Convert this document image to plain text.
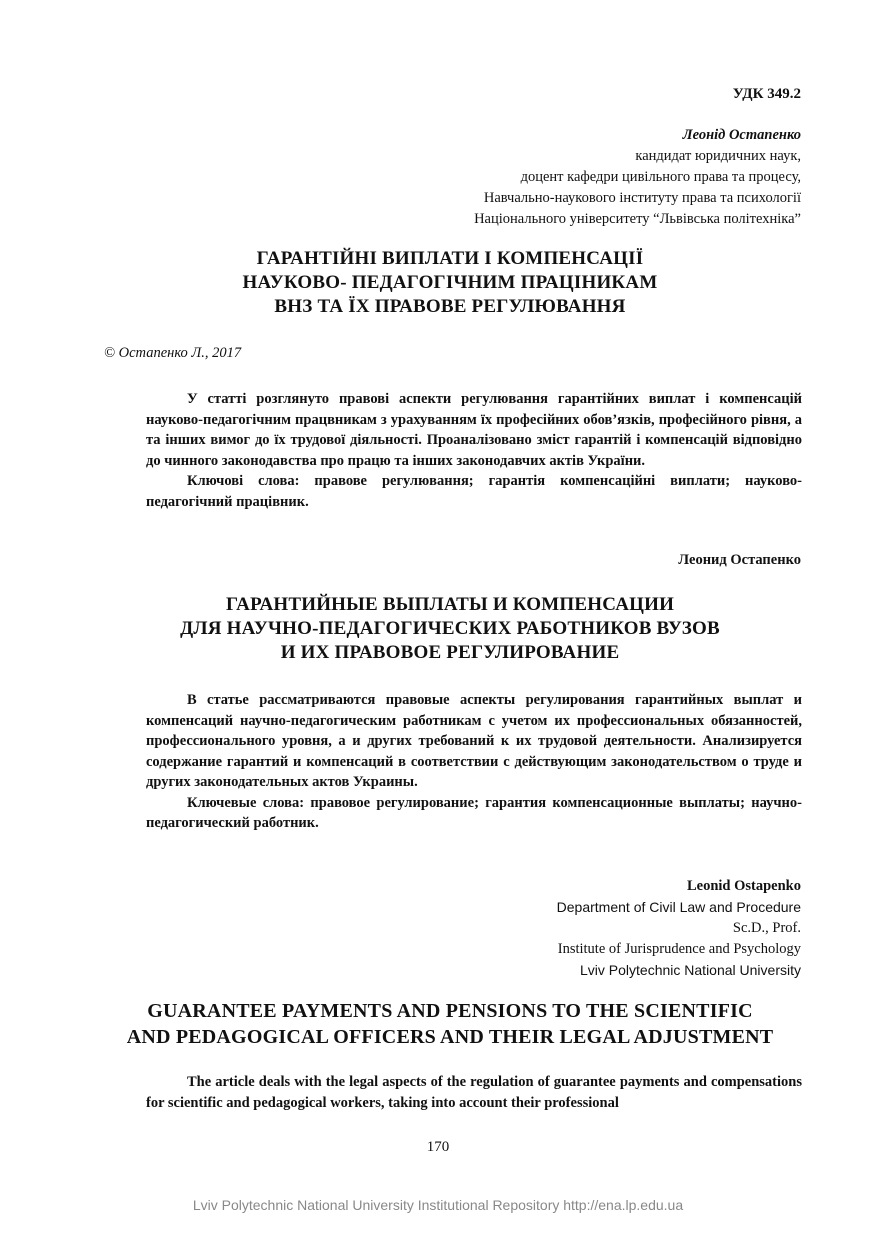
УДК 349.2
Леонід Остапенко
кандидат юридичних наук,
доцент кафедри цивільного права та процесу,
Навчально-наукового інституту права та психології
Національного університету “Львівська політехніка”
ГАРАНТІЙНІ ВИПЛАТИ І КОМПЕНСАЦІЇ
НАУКОВО- ПЕДАГОГІЧНИМ ПРАЦІНИКАМ
ВНЗ ТА ЇХ ПРАВОВЕ РЕГУЛЮВАННЯ
© Остапенко Л., 2017

У статті розглянуто правові аспекти регулювання гарантійних виплат і компенсацій науково-педагогічним працвникам з урахуванням їх професійних обов’язків, професійного рівня, а та інших вимог до їх трудової діяльності. Проаналізовано зміст гарантій і компенсацій відповідно до чинного законодавства про працю та інших законодавчих актів України.

Ключові слова: правове регулювання; гарантія компенсаційні виплати; науково-педагогічний працівник.

Леонид Остапенко
ГАРАНТИЙНЫЕ ВЫПЛАТЫ И КОМПЕНСАЦИИ
ДЛЯ НАУЧНО-ПЕДАГОГИЧЕСКИХ РАБОТНИКОВ ВУЗОВ
И ИХ ПРАВОВОЕ РЕГУЛИРОВАНИЕ

В статье рассматриваются правовые аспекты регулирования гарантийных выплат и компенсаций научно-педагогическим работникам с учетом их профессиональных обязанностей, профессионального уровня, а и других требований к их трудовой деятельности. Анализируется содержание гарантий и компенсаций в соответствии с действующим законодательством о труде и других законодательных актов Украины.

Ключевые слова: правовое регулирование; гарантия компенсационные выплаты; научно-педагогический работник.

Leonid Ostapenko
Department of Civil Law and Procedure
Sc.D., Prof.
Institute of Jurisprudence and Psychology
Lviv Polytechnic National University
GUARANTEE PAYMENTS AND PENSIONS TO THE SCIENTIFIC
AND PEDAGOGICAL OFFICERS AND THEIR LEGAL ADJUSTMENT

The article deals with the legal aspects of the regulation of guarantee payments and compensations for scientific and pedagogical workers, taking into account their professional

170
Lviv Polytechnic National University Institutional Repository http://ena.lp.edu.ua
